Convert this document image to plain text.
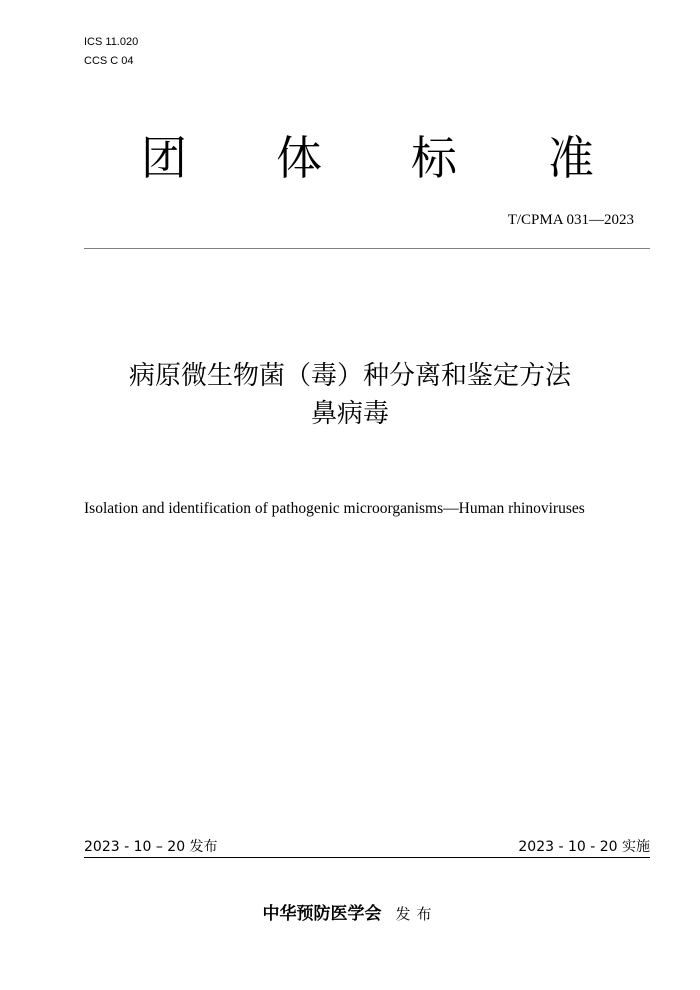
ICS 11.020
CCS C 04
团 体 标 准
T/CPMA 031—2023
病原微生物菌（毒）种分离和鉴定方法
鼻病毒
Isolation and identification of pathogenic microorganisms—Human rhinoviruses
2023 - 10 – 20 发布	2023 - 10 - 20 实施
中华预防医学会 发布
